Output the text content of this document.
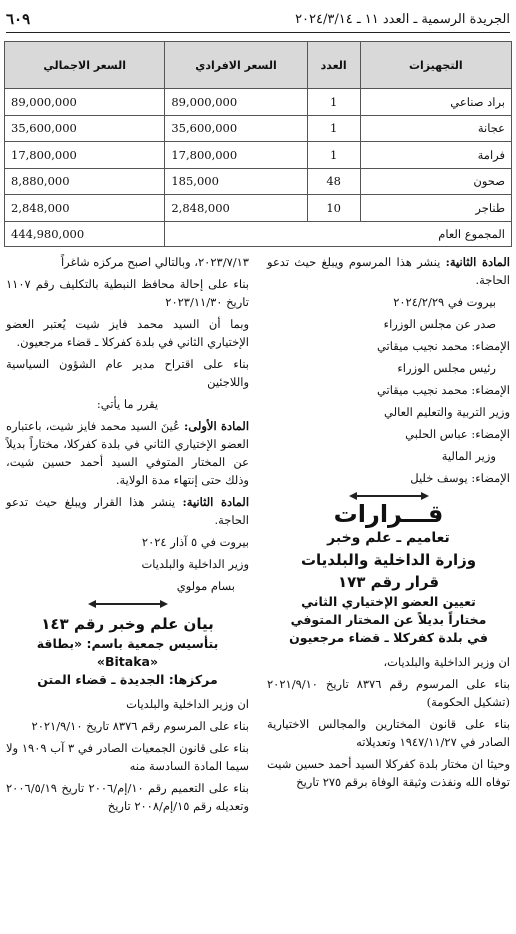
الجريدة الرسمية ـ العدد ١١ ـ ٢٠٢٤/٣/١٤
٦٠٩
التجهيزات	العدد	السعر الافرادي	السعر الاجمالي
براد صناعي	1	89,000,000	89,000,000
عجانة	1	35,600,000	35,600,000
فرامة	1	17,800,000	17,800,000
صحون	48	185,000	8,880,000
طناجر	10	2,848,000	2,848,000
المجموع العام			444,980,000

المادة الثانية: ينشر هذا المرسوم ويبلغ حيث تدعو الحاجة.

بيروت في ٢٠٢٤/٢/٢٩

صدر عن مجلس الوزراء

الإمضاء: محمد نجيب ميقاتي

رئيس مجلس الوزراء

الإمضاء: محمد نجيب ميقاتي

وزير التربية والتعليم العالي

الإمضاء: عباس الحلبي

وزير المالية

الإمضاء: يوسف خليل

قـــرارات
تعاميم ـ علم وخبر
وزارة الداخلية والبلديات
قرار رقم ١٧٣
تعيين العضو الإختياري الثاني
مختاراً بديلاً عن المختار المتوفي
في بلدة كفركلا ـ قضاء مرجعيون

ان وزير الداخلية والبلديات،

بناء على المرسوم رقم ٨٣٧٦ تاريخ ٢٠٢١/٩/١٠ (تشكيل الحكومة)

بناء على قانون المختارين والمجالس الاختيارية الصادر في ١٩٤٧/١١/٢٧ وتعديلاته

وحيثا ان مختار بلدة كفركلا السيد أحمد حسين شيت توفاه الله ونفذت وثيقة الوفاة برقم ٢٧٥ تاريخ

٢٠٢٣/٧/١٣، وبالتالي اصبح مركزه شاغراً

بناء على إحالة محافظ النبطية بالتكليف رقم ١١٠٧ تاريخ ٢٠٢٣/١١/٣٠

وبما أن السيد محمد فايز شيت يُعتبر العضو الإختياري الثاني في بلدة كفركلا ـ قضاء مرجعيون.

بناء على اقتراح مدير عام الشؤون السياسية واللاجئين

يقرر ما يأتي:

المادة الأولى: عُينَ السيد محمد فايز شيت، باعتباره العضو الإختياري الثاني في بلدة كفركلا، مختاراً بديلاً عن المختار المتوفي السيد أحمد حسين شيت، وذلك حتى إنتهاء مدة الولاية.

المادة الثانية: ينشر هذا القرار ويبلغ حيث تدعو الحاجة.

بيروت في ٥ آذار ٢٠٢٤

وزير الداخلية والبلديات

بسام مولوي

بيان علم وخبر رقم ١٤٣
بتأسيس جمعية باسم: «بطاقة «Bitaka»
مركزها: الجديدة ـ قضاء المتن

ان وزير الداخلية والبلديات

بناء على المرسوم رقم ٨٣٧٦ تاريخ ٢٠٢١/٩/١٠

بناء على قانون الجمعيات الصادر في ٣ آب ١٩٠٩ ولا سيما المادة السادسة منه

بناء على التعميم رقم ١٠/إم/٢٠٠٦ تاريخ ٢٠٠٦/٥/١٩ وتعديله رقم ١٥/إم/٢٠٠٨ تاريخ
